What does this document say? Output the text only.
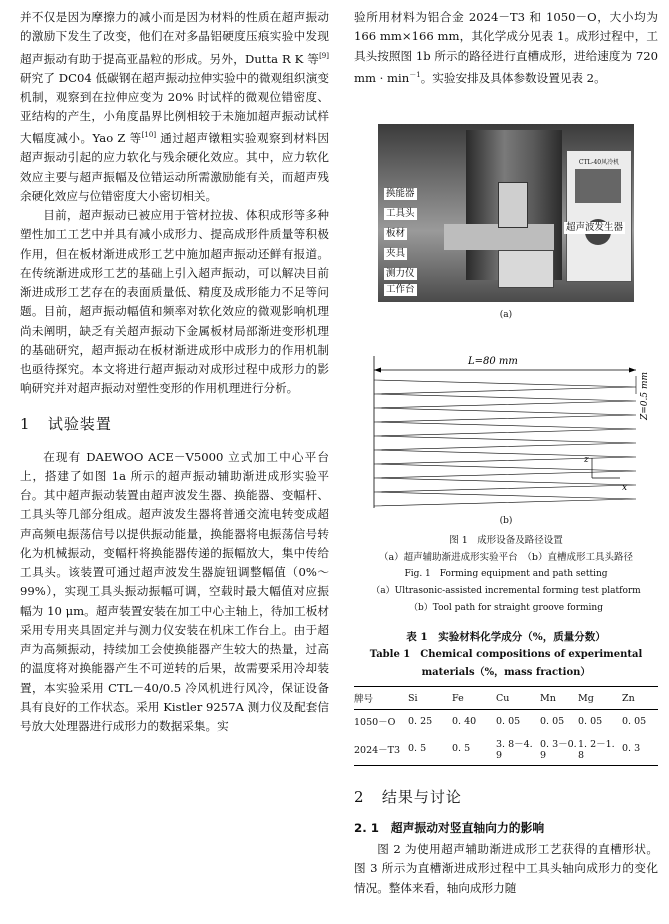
并不仅是因为摩擦力的减小而是因为材料的性质在超声振动的激励下发生了改变，他们在对多晶铝硬度压痕实验中发现超声振动有助于提高亚晶粒的形成。另外，Dutta R K 等[9] 研究了 DC04 低碳钢在超声振动拉伸实验中的微观组织演变机制，观察到在拉伸应变为 20% 时试样的微观位错密度、亚结构的产生，小角度晶界比例相较于未施加超声振动试样大幅度减小。Yao Z 等[10] 通过超声镦粗实验观察到材料因超声振动引起的应力软化与残余硬化效应。其中，应力软化效应主要与超声振幅及位错运动所需激励能有关，而超声残余硬化效应与位错密度大小密切相关。

目前，超声振动已被应用于管材拉拔、体积成形等多种塑性加工工艺中并具有减小成形力、提高成形件质量等积极作用，但在板材渐进成形工艺中施加超声振动还鲜有报道。在传统渐进成形工艺的基础上引入超声振动，可以解决目前渐进成形工艺存在的表面质量低、精度及成形能力不足等问题。目前，超声振动幅值和频率对软化效应的微观影响机理尚未阐明，缺乏有关超声振动下金属板材局部渐进变形机理的基础研究，超声振动在板材渐进成形中成形力的作用机制也亟待探究。本文将进行超声振动对成形过程中成形力的影响研究并对超声振动对塑性变形的作用机理进行分析。

1 试验装置

在现有 DAEWOO ACE－V5000 立式加工中心平台上，搭建了如图 1a 所示的超声振动辅助渐进成形实验平台。其中超声振动装置由超声波发生器、换能器、变幅杆、工具头等几部分组成。超声波发生器将普通交流电转变成超声高频电振荡信号以提供振动能量，换能器将电振荡信号转化为机械振动，变幅杆将换能器传递的振幅放大，集中传给工具头。该装置可通过超声波发生器旋钮调整幅值（0%～99%），实现工具头振动振幅可调，空载时最大幅值对应振幅为 10 μm。超声装置安装在加工中心主轴上，待加工板材采用专用夹具固定并与测力仪安装在机床工作台上。由于超声为高频振动，持续加工会使换能器产生较大的热量，过高的温度将对换能器产生不可逆转的后果，故需要采用冷却装置，本实验采用 CTL－40/0.5 冷风机进行风冷，保证设备具有良好的工作状态。采用 Kistler 9257A 测力仪及配套信号放大处理器进行成形力的数据采集。实

验所用材料为铝合金 2024－T3 和 1050－O，大小均为 166 mm×166 mm，其化学成分见表 1。成形过程中，工具头按照图 1b 所示的路径进行直槽成形，进给速度为 720 mm · $\min^{-1}$。实验安排及具体参数设置见表 2。

CTL-40风冷机
换能器
工具头
板材
夹具
测力仪
工作台
超声波发生器
(a)
L=80 mm
Z=0.5 mm
z
x
(b)
图 1　成形设备及路径设置
（a）超声辅助渐进成形实验平台　（b）直槽成形工具头路径
Fig. 1　Forming equipment and path setting
（a）Ultrasonic-assisted incremental forming test platform
（b）Tool path for straight groove forming
表 1　实验材料化学成分（%，质量分数）
Table 1　Chemical compositions of experimental
materials（%，mass fraction）
牌号	Si	Fe	Cu	Mn	Mg	Zn
1050－O	0. 25	0. 40	0. 05	0. 05	0. 05	0. 05
2024－T3	0. 5	0. 5	3. 8－4. 9	0. 3－0. 9	1. 2－1. 8	0. 3
2 结果与讨论
2. 1　超声振动对竖直轴向力的影响

图 2 为使用超声辅助渐进成形工艺获得的直槽形状。图 3 所示为直槽渐进成形过程中工具头轴向成形力的变化情况。整体来看，轴向成形力随
